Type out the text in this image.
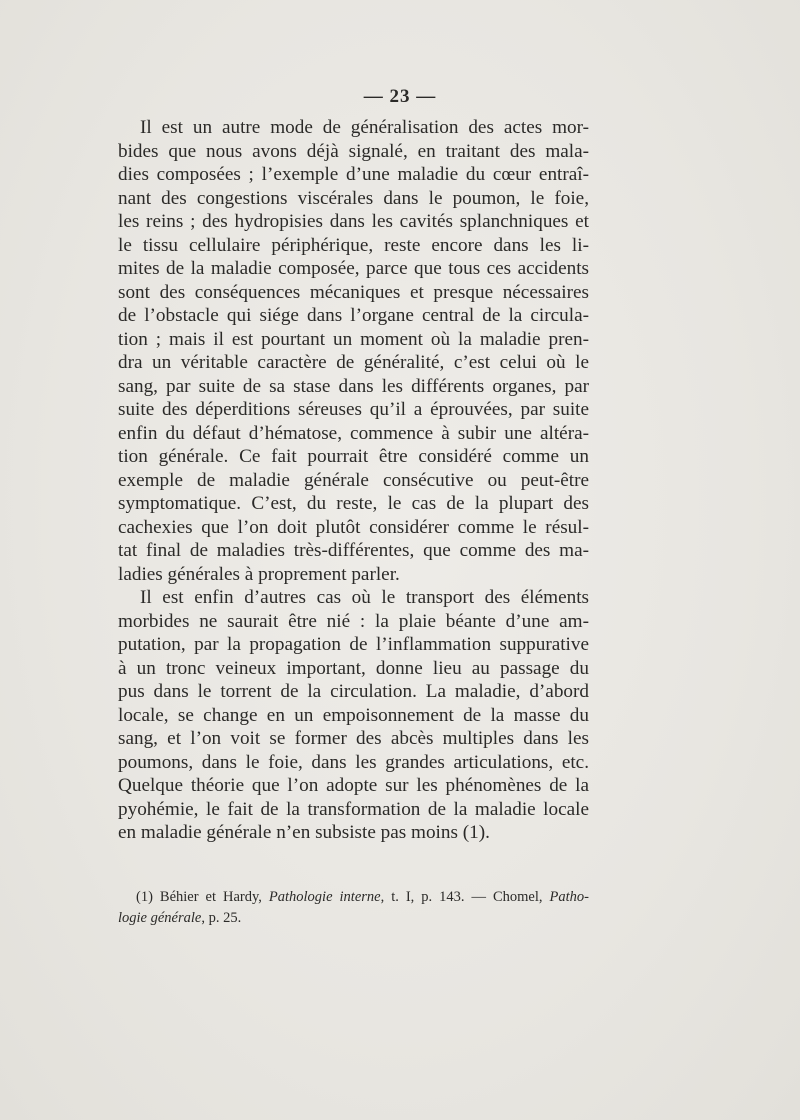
— 23 —
Il est un autre mode de généralisation des actes mor-
bides que nous avons déjà signalé, en traitant des mala-
dies composées ; l’exemple d’une maladie du cœur entraî-
nant des congestions viscérales dans le poumon, le foie,
les reins ; des hydropisies dans les cavités splanchniques et
le tissu cellulaire périphérique, reste encore dans les li-
mites de la maladie composée, parce que tous ces accidents
sont des conséquences mécaniques et presque nécessaires
de l’obstacle qui siége dans l’organe central de la circula-
tion ; mais il est pourtant un moment où la maladie pren-
dra un véritable caractère de généralité, c’est celui où le
sang, par suite de sa stase dans les différents organes, par
suite des déperditions séreuses qu’il a éprouvées, par suite
enfin du défaut d’hématose, commence à subir une altéra-
tion générale. Ce fait pourrait être considéré comme un
exemple de maladie générale consécutive ou peut-être
symptomatique. C’est, du reste, le cas de la plupart des
cachexies que l’on doit plutôt considérer comme le résul-
tat final de maladies très-différentes, que comme des ma-
ladies générales à proprement parler.
Il est enfin d’autres cas où le transport des éléments
morbides ne saurait être nié : la plaie béante d’une am-
putation, par la propagation de l’inflammation suppurative
à un tronc veineux important, donne lieu au passage du
pus dans le torrent de la circulation. La maladie, d’abord
locale, se change en un empoisonnement de la masse du
sang, et l’on voit se former des abcès multiples dans les
poumons, dans le foie, dans les grandes articulations, etc.
Quelque théorie que l’on adopte sur les phénomènes de la
pyohémie, le fait de la transformation de la maladie locale
en maladie générale n’en subsiste pas moins (1).
(1) Béhier et Hardy, Pathologie interne, t. I, p. 143. — Chomel, Patho-
logie générale, p. 25.
